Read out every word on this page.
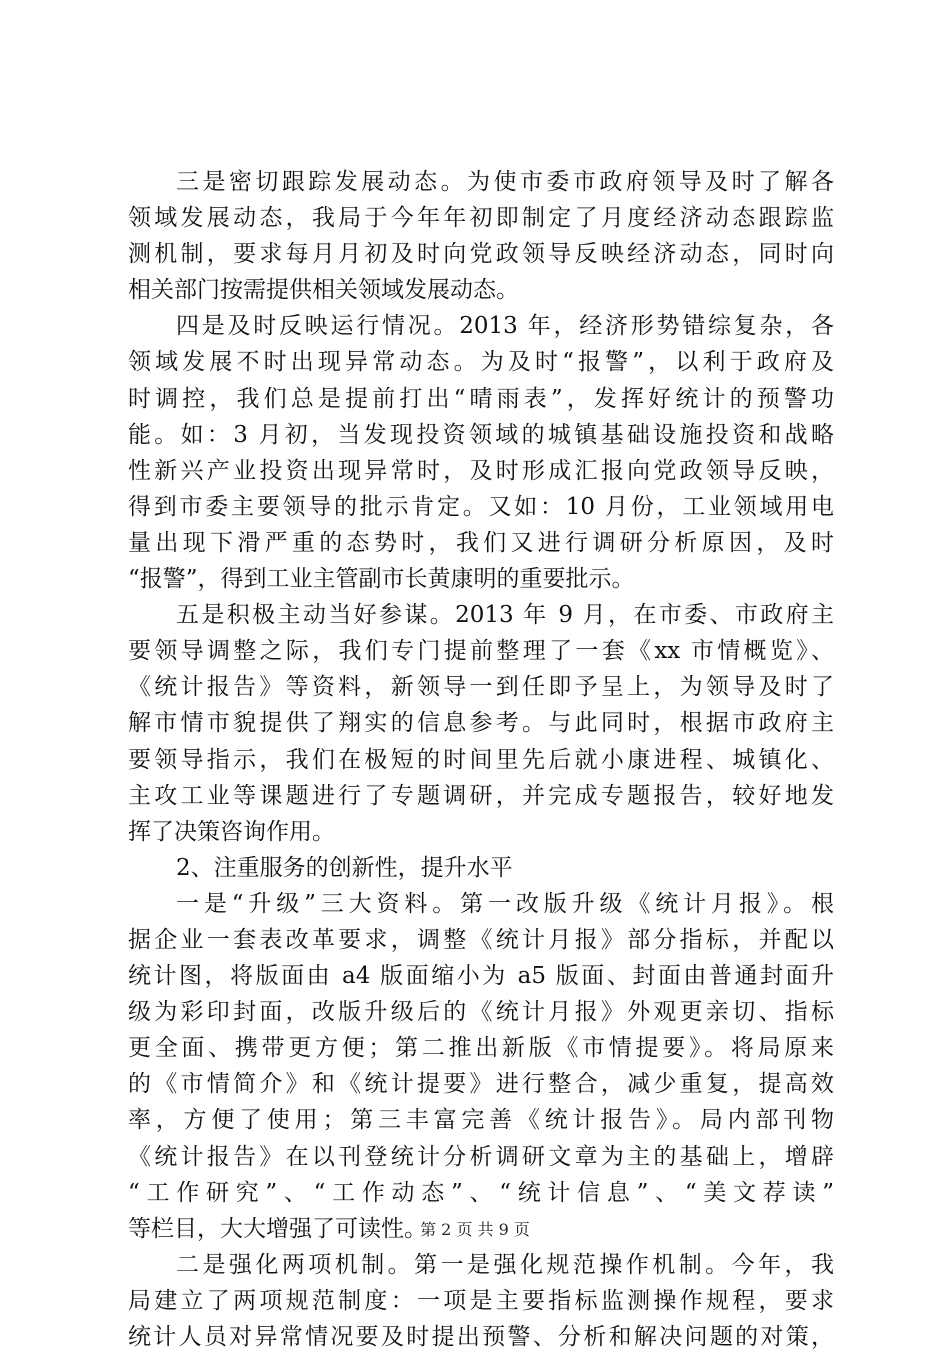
三是密切跟踪发展动态。为使市委市政府领导及时了解各
领域发展动态，我局于今年年初即制定了月度经济动态跟踪监
测机制，要求每月月初及时向党政领导反映经济动态，同时向
相关部门按需提供相关领域发展动态。
四是及时反映运行情况。2013 年，经济形势错综复杂，各
领域发展不时出现异常动态。为及时“报警”，以利于政府及
时调控，我们总是提前打出“晴雨表”，发挥好统计的预警功
能。如：3 月初，当发现投资领域的城镇基础设施投资和战略
性新兴产业投资出现异常时，及时形成汇报向党政领导反映，
得到市委主要领导的批示肯定。又如：10 月份，工业领域用电
量出现下滑严重的态势时，我们又进行调研分析原因，及时
“报警”，得到工业主管副市长黄康明的重要批示。
五是积极主动当好参谋。2013 年 9 月，在市委、市政府主
要领导调整之际，我们专门提前整理了一套《xx 市情概览》、
《统计报告》等资料，新领导一到任即予呈上，为领导及时了
解市情市貌提供了翔实的信息参考。与此同时，根据市政府主
要领导指示，我们在极短的时间里先后就小康进程、城镇化、
主攻工业等课题进行了专题调研，并完成专题报告，较好地发
挥了决策咨询作用。
2、注重服务的创新性，提升水平
一是“升级”三大资料。第一改版升级《统计月报》。根
据企业一套表改革要求，调整《统计月报》部分指标，并配以
统计图，将版面由 a4 版面缩小为 a5 版面、封面由普通封面升
级为彩印封面，改版升级后的《统计月报》外观更亲切、指标
更全面、携带更方便；第二推出新版《市情提要》。将局原来
的《市情简介》和《统计提要》进行整合，减少重复，提高效
率，方便了使用；第三丰富完善《统计报告》。局内部刊物
《统计报告》在以刊登统计分析调研文章为主的基础上，增辟
“工作研究”、“工作动态”、“统计信息”、“美文荐读”
等栏目，大大增强了可读性。
二是强化两项机制。第一是强化规范操作机制。今年，我
局建立了两项规范制度：一项是主要指标监测操作规程，要求
统计人员对异常情况要及时提出预警、分析和解决问题的对策，
第 2 页 共 9 页
